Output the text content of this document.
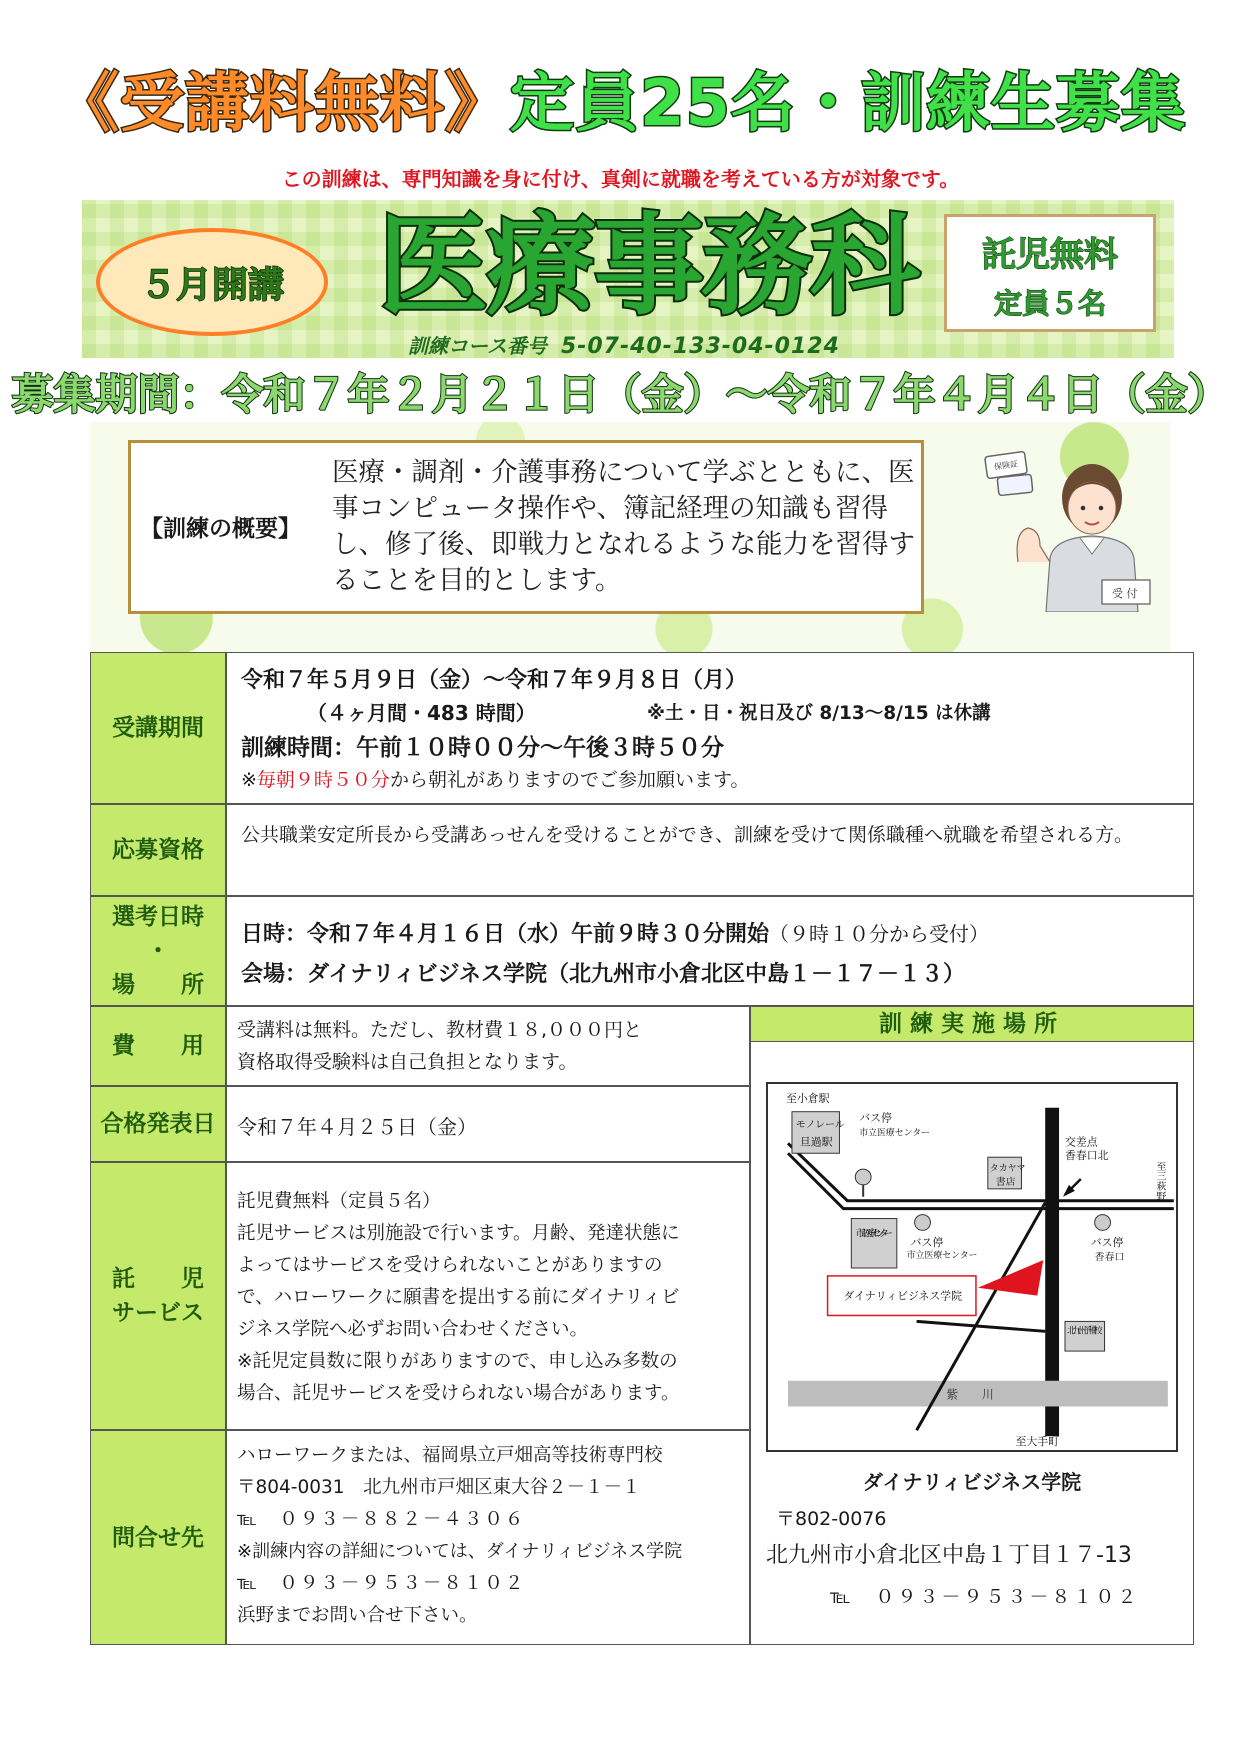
《受講料無料》定員25名・訓練生募集
この訓練は、専門知識を身に付け、真剣に就職を考えている方が対象です。
５月開講 医療事務科	託児無料
定員５名
訓練コース番号 5-07-40-133-04-0124
募集期間：令和７年２月２１日（金）～令和７年４月４日（金）
【訓練の概要】
医療・調剤・介護事務について学ぶとともに、医事コンピュータ操作や、簿記経理の知識も習得し、修了後、即戦力となれるような能力を習得することを目的とします。
保険証
受 付
受講期間
令和７年５月９日（金）～令和７年９月８日（月）
（４ヶ月間・483 時間）	※土・日・祝日及び 8/13～8/15 は休講
訓練時間：午前１０時００分～午後３時５０分
※毎朝９時５０分から朝礼がありますのでご参加願います。
応募資格
公共職業安定所長から受講あっせんを受けることができ、訓練を受けて関係職種へ就職を希望される方。
選考日時
・
場　　所
日時：令和７年４月１６日（水）午前９時３０分開始（９時１０分から受付）
会場：ダイナリィビジネス学院（北九州市小倉北区中島１－１７－１３）
費　　用
受講料は無料。ただし、教材費１８,０００円と
資格取得受験料は自己負担となります。
合格発表日 令和７年４月２５日（金）
託　　児
サービス
託児費無料（定員５名）
託児サービスは別施設で行います。月齢、発達状態に
よってはサービスを受けられないことがありますの
で、ハローワークに願書を提出する前にダイナリィビ
ジネス学院へ必ずお問い合わせください。
※託児定員数に限りがありますので、申し込み多数の
場合、託児サービスを受けられない場合があります。
問合せ先
ハローワークまたは、福岡県立戸畑高等技術専門校
〒804-0031　北九州市戸畑区東大谷２－１－１
℡　０９３－８８２－４３０６
※訓練内容の詳細については、ダイナリィビジネス学院
℡　０９３－９５３－８１０２
浜野までお問い合せ下さい。
訓練実施場所
紫　　川
モノレール
旦過駅
至小倉駅
バス停
市立医療センター
タカヤマ
書店
交差点
香春口北
至三萩野
市立医療センター
バス停
市立医療センター
バス停
香春口
ダイナリィビジネス学院
北九州予備校
至大手町
ダイナリィビジネス学院
〒802-0076
北九州市小倉北区中島１丁目１７-13
℡　０９３－９５３－８１０２
